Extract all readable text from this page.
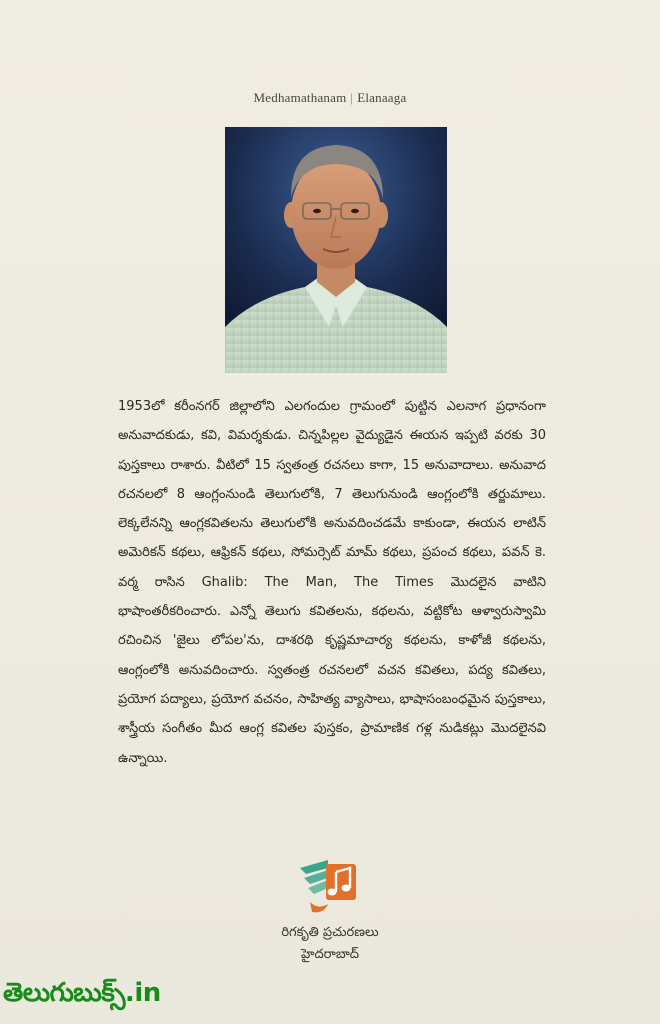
Medhamathanam | Elanaaga
1953లో కరీంనగర్ జిల్లాలోని ఎలగందుల గ్రామంలో పుట్టిన ఎలనాగ ప్రధానంగా అనువాదకుడు, కవి, విమర్శకుడు. చిన్నపిల్లల వైద్యుడైన ఈయన ఇప్పటి వరకు 30 పుస్తకాలు రాశారు. వీటిలో 15 స్వతంత్ర రచనలు కాగా, 15 అనువాదాలు. అనువాద రచనలలో 8 ఆంగ్లంనుండి తెలుగులోకి, 7 తెలుగునుండి ఆంగ్లంలోకి తర్జుమాలు. లెక్కలేనన్ని ఆంగ్లకవితలను తెలుగులోకి అనువదించడమే కాకుండా, ఈయన లాటిన్ అమెరికన్ కథలు, ఆఫ్రికన్ కథలు, సోమర్సెట్ మామ్ కథలు, ప్రపంచ కథలు, పవన్ కె. వర్మ రాసిన Ghalib: The Man, The Times మొదలైన వాటిని భాషాంతరీకరించారు. ఎన్నో తెలుగు కవితలను, కథలను, వట్టికోట ఆళ్వారుస్వామి రచించిన 'జైలు లోపల'ను, దాశరథి కృష్ణమాచార్య కథలను, కాళోజీ కథలను, ఆంగ్లంలోకి అనువదించారు. స్వతంత్ర రచనలలో వచన కవితలు, పద్య కవితలు, ప్రయోగ పద్యాలు, ప్రయోగ వచనం, సాహిత్య వ్యాసాలు, భాషాసంబంధమైన పుస్తకాలు, శాస్త్రీయ సంగీతం మీద ఆంగ్ల కవితల పుస్తకం, ప్రామాణిక గళ్ల నుడికట్లు మొదలైనవి ఉన్నాయి.
రిగకృతి ప్రచురణలు
హైదరాబాద్
తెలుగుబుక్స్.in
